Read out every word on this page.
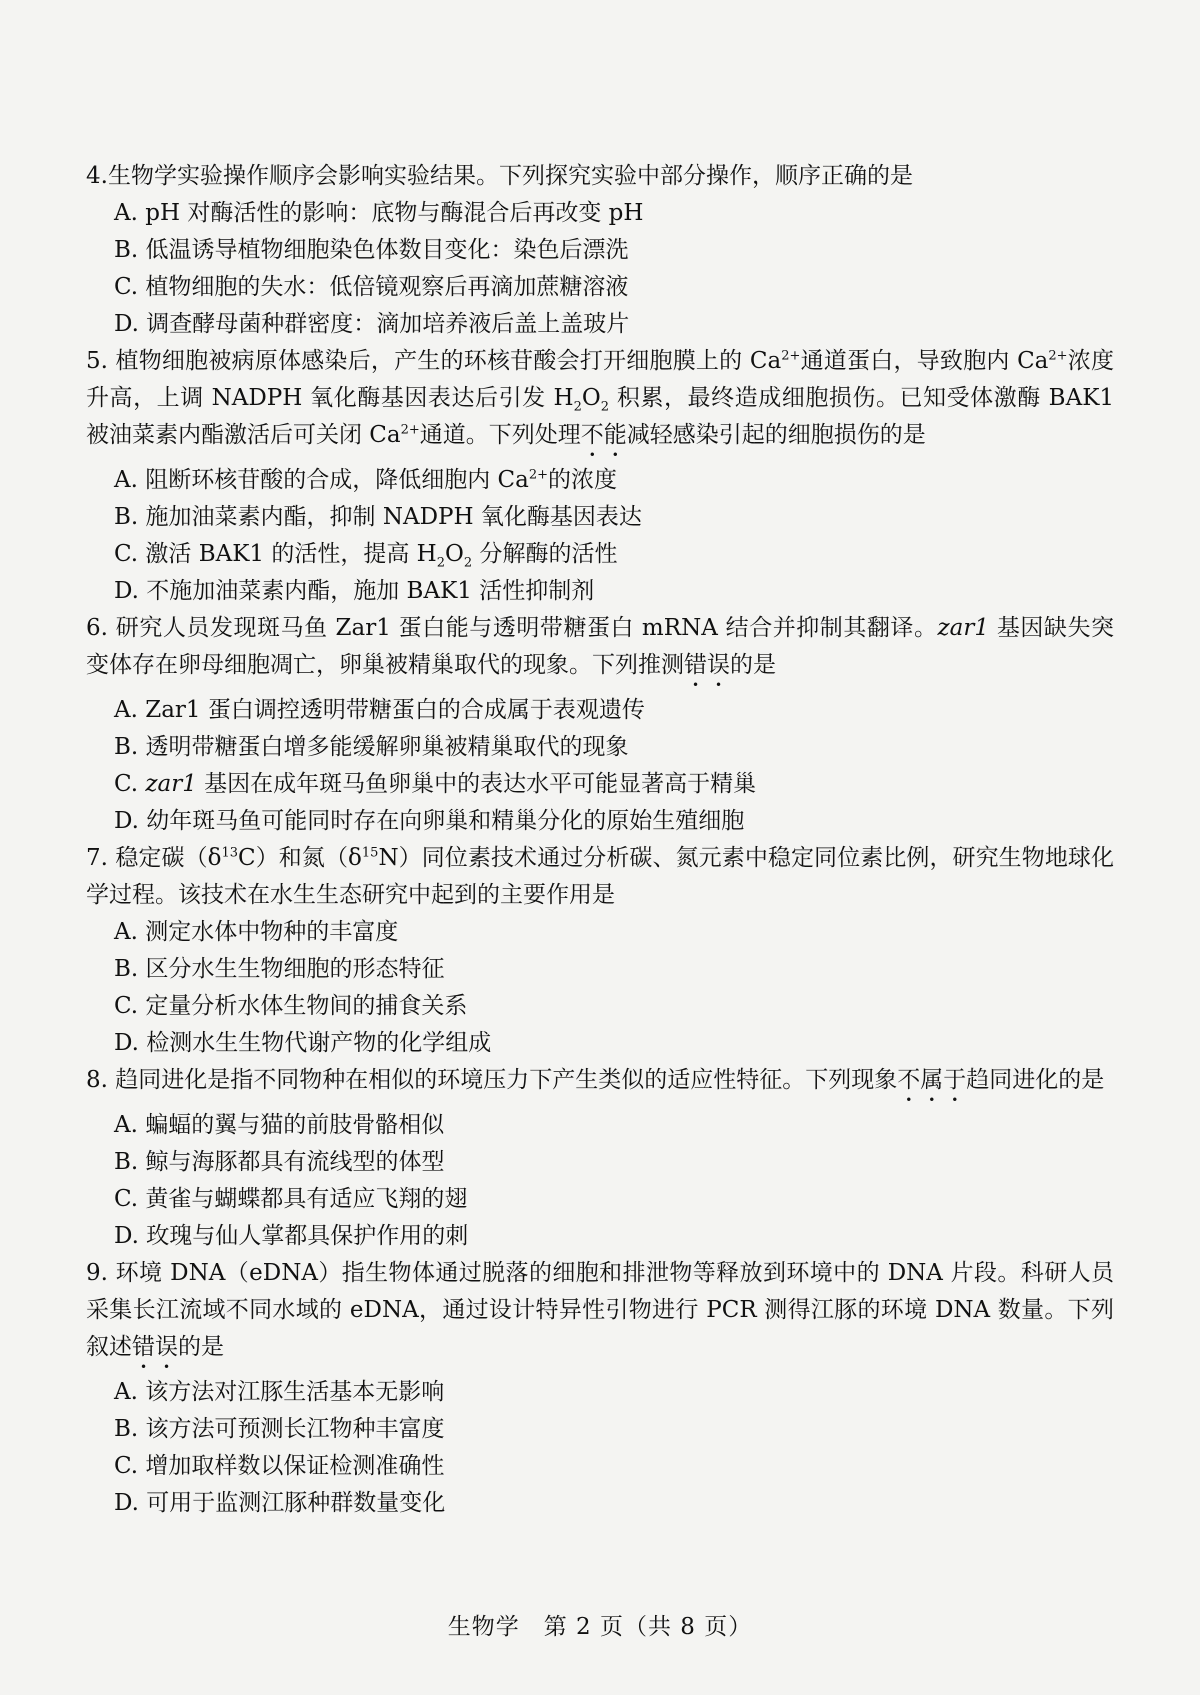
4.生物学实验操作顺序会影响实验结果。下列探究实验中部分操作，顺序正确的是

A. pH 对酶活性的影响：底物与酶混合后再改变 pH

B. 低温诱导植物细胞染色体数目变化：染色后漂洗

C. 植物细胞的失水：低倍镜观察后再滴加蔗糖溶液

D. 调查酵母菌种群密度：滴加培养液后盖上盖玻片

5. 植物细胞被病原体感染后，产生的环核苷酸会打开细胞膜上的 $Ca^{2+}$通道蛋白，导致胞内 $Ca^{2+}$浓度升高，上调 NADPH 氧化酶基因表达后引发 $H_2O_2$ 积累，最终造成细胞损伤。已知受体激酶 BAK1 被油菜素内酯激活后可关闭 $Ca^{2+}$通道。下列处理不能减轻感染引起的细胞损伤的是

A. 阻断环核苷酸的合成，降低细胞内 $Ca^{2+}$的浓度

B. 施加油菜素内酯，抑制 NADPH 氧化酶基因表达

C. 激活 BAK1 的活性，提高 $H_2O_2$ 分解酶的活性

D. 不施加油菜素内酯，施加 BAK1 活性抑制剂

6. 研究人员发现斑马鱼 Zar1 蛋白能与透明带糖蛋白 mRNA 结合并抑制其翻译。zar1 基因缺失突变体存在卵母细胞凋亡，卵巢被精巢取代的现象。下列推测错误的是

A. Zar1 蛋白调控透明带糖蛋白的合成属于表观遗传

B. 透明带糖蛋白增多能缓解卵巢被精巢取代的现象

C. zar1 基因在成年斑马鱼卵巢中的表达水平可能显著高于精巢

D. 幼年斑马鱼可能同时存在向卵巢和精巢分化的原始生殖细胞

7. 稳定碳$(\delta^{13}C)$和氮$(\delta^{15}N)$同位素技术通过分析碳、氮元素中稳定同位素比例，研究生物地球化学过程。该技术在水生生态研究中起到的主要作用是

A. 测定水体中物种的丰富度

B. 区分水生生物细胞的形态特征

C. 定量分析水体生物间的捕食关系

D. 检测水生生物代谢产物的化学组成

8. 趋同进化是指不同物种在相似的环境压力下产生类似的适应性特征。下列现象不属于趋同进化的是

A. 蝙蝠的翼与猫的前肢骨骼相似

B. 鲸与海豚都具有流线型的体型

C. 黄雀与蝴蝶都具有适应飞翔的翅

D. 玫瑰与仙人掌都具保护作用的刺

9. 环境 DNA（eDNA）指生物体通过脱落的细胞和排泄物等释放到环境中的 DNA 片段。科研人员采集长江流域不同水域的 eDNA，通过设计特异性引物进行 PCR 测得江豚的环境 DNA 数量。下列叙述错误的是

A. 该方法对江豚生活基本无影响

B. 该方法可预测长江物种丰富度

C. 增加取样数以保证检测准确性

D. 可用于监测江豚种群数量变化

生物学　第 2 页（共 8 页）
